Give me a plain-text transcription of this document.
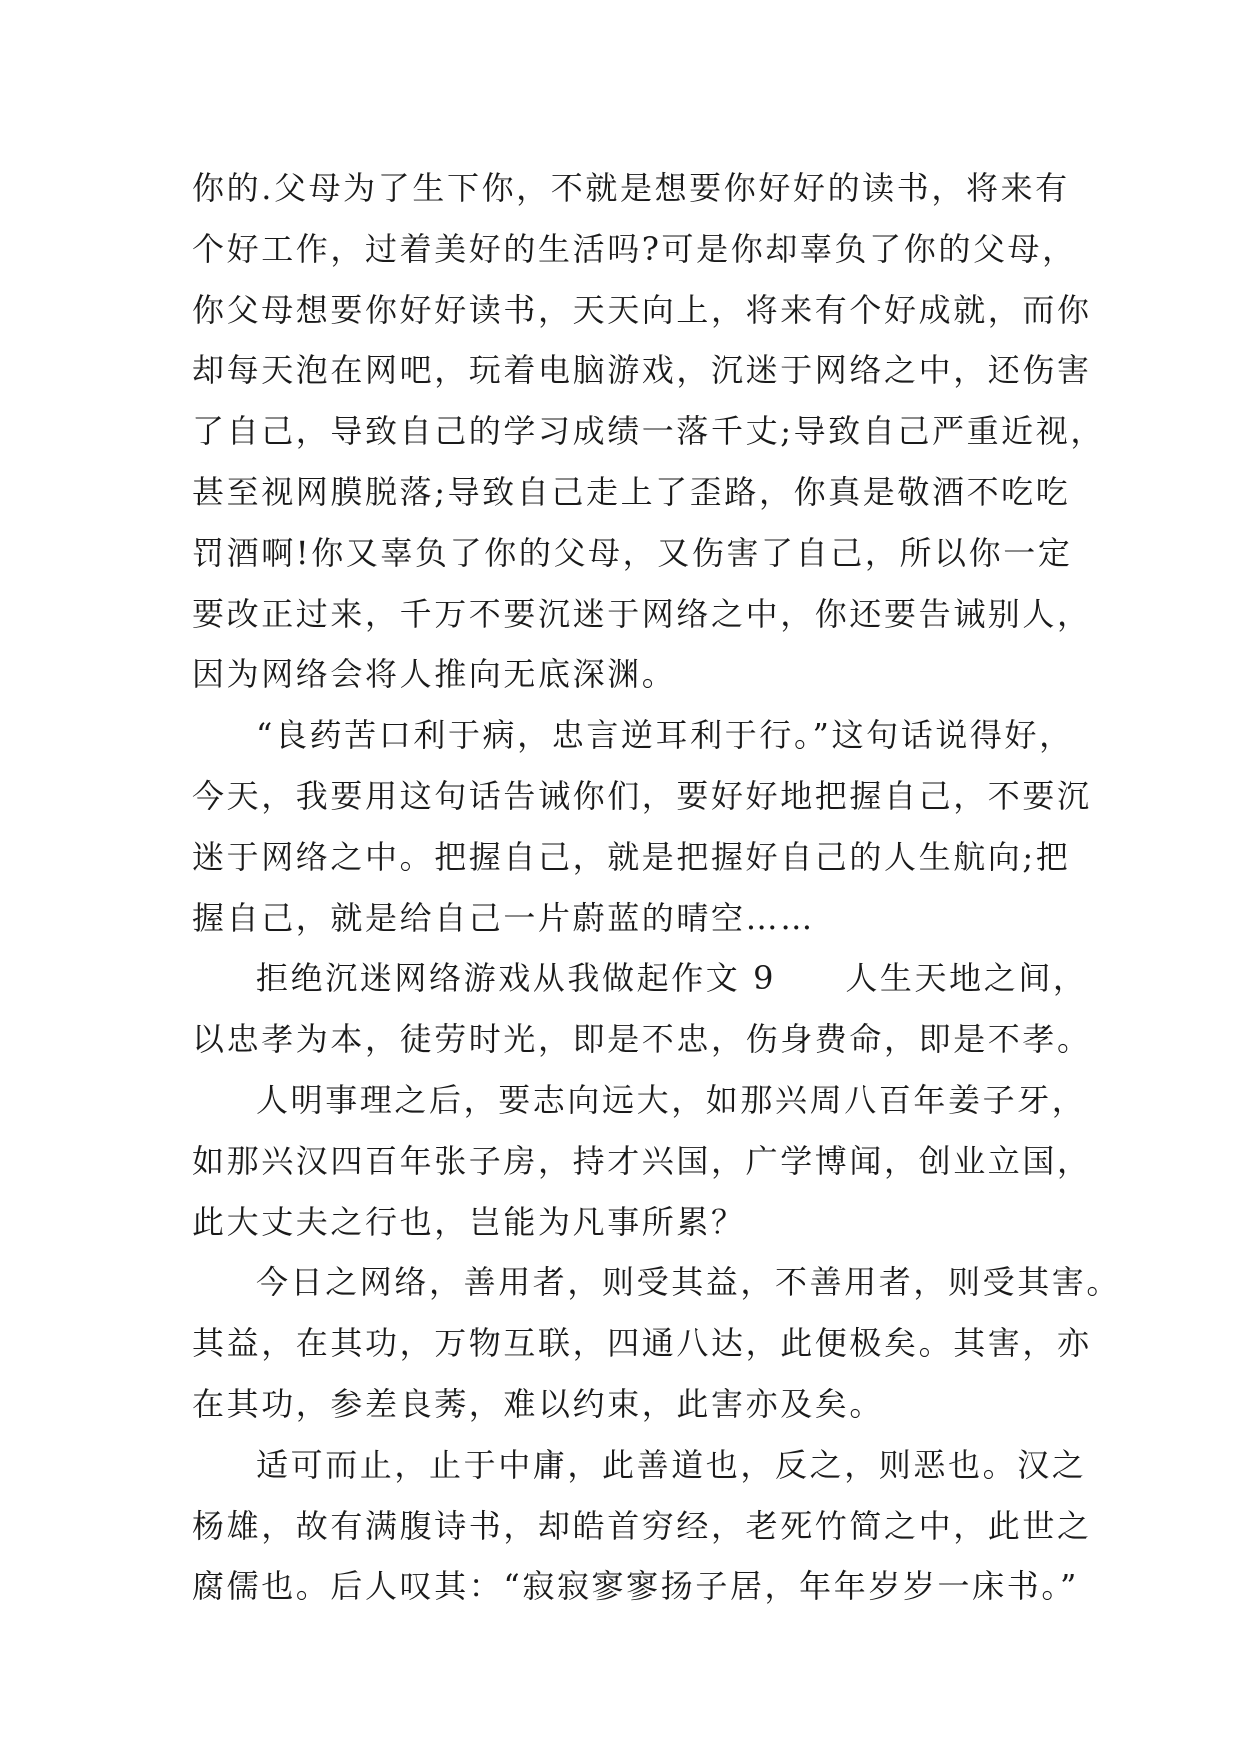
你的.父母为了生下你，不就是想要你好好的读书，将来有
个好工作，过着美好的生活吗?可是你却辜负了你的父母，
你父母想要你好好读书，天天向上，将来有个好成就，而你
却每天泡在网吧，玩着电脑游戏，沉迷于网络之中，还伤害
了自己，导致自己的学习成绩一落千丈;导致自己严重近视，
甚至视网膜脱落;导致自己走上了歪路，你真是敬酒不吃吃
罚酒啊!你又辜负了你的父母，又伤害了自己，所以你一定
要改正过来，千万不要沉迷于网络之中，你还要告诫别人，
因为网络会将人推向无底深渊。
“良药苦口利于病，忠言逆耳利于行。”这句话说得好，
今天，我要用这句话告诫你们，要好好地把握自己，不要沉
迷于网络之中。把握自己，就是把握好自己的人生航向;把
握自己，就是给自己一片蔚蓝的晴空……
拒绝沉迷网络游戏从我做起作文 9　　人生天地之间，
以忠孝为本，徒劳时光，即是不忠，伤身费命，即是不孝。
人明事理之后，要志向远大，如那兴周八百年姜子牙，
如那兴汉四百年张子房，持才兴国，广学博闻，创业立国，
此大丈夫之行也，岂能为凡事所累？
今日之网络，善用者，则受其益，不善用者，则受其害。
其益，在其功，万物互联，四通八达，此便极矣。其害，亦
在其功，参差良莠，难以约束，此害亦及矣。
适可而止，止于中庸，此善道也，反之，则恶也。汉之
杨雄，故有满腹诗书，却皓首穷经，老死竹简之中，此世之
腐儒也。后人叹其：“寂寂寥寥扬子居，年年岁岁一床书。”
